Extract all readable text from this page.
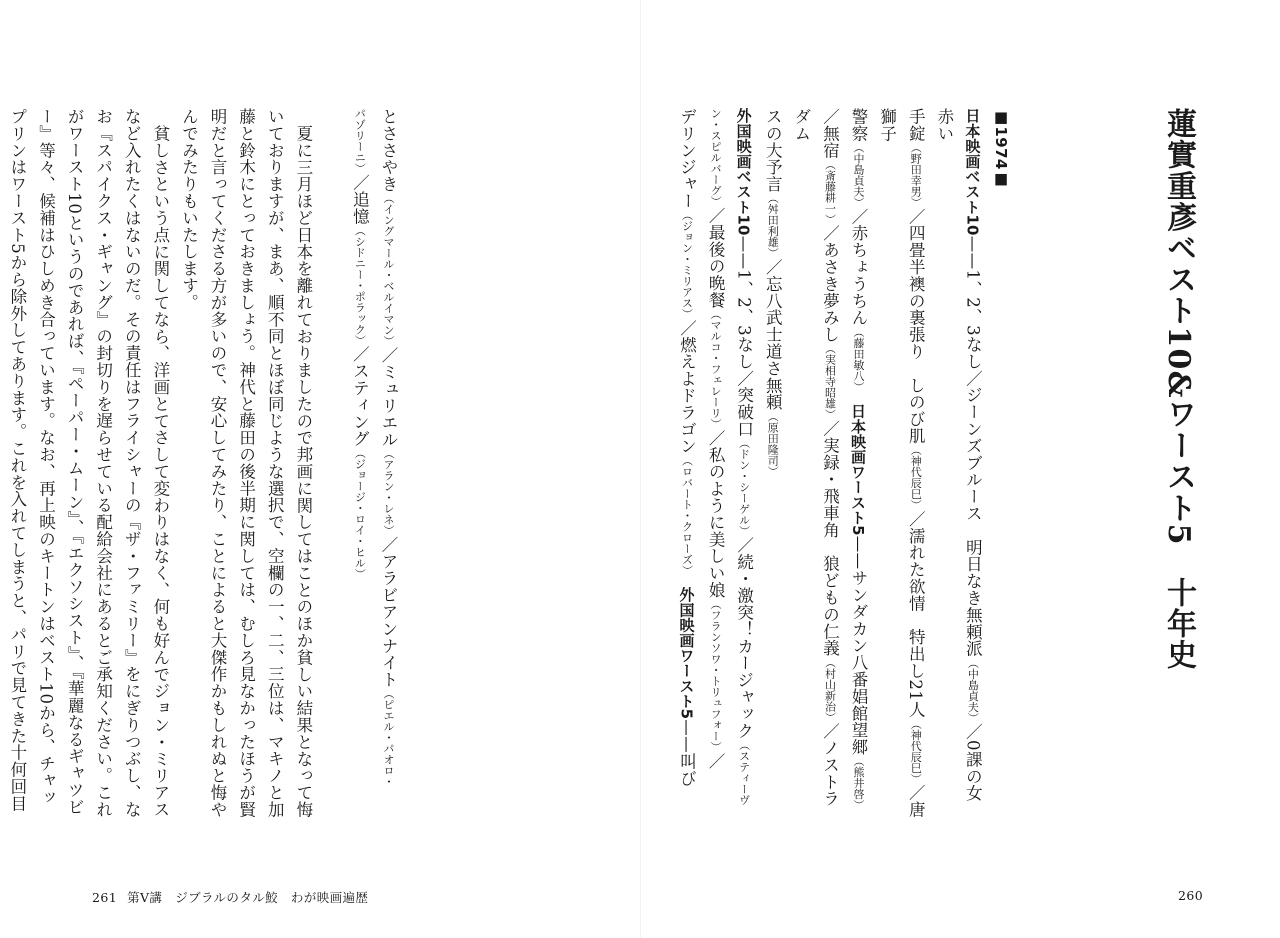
蓮實重彥ベスト10&ワースト5　十年史

■1974■

日本映画ベスト10——1、2、3なし／ジーンズブルース　明日なき無頼派（中島貞夫）／0課の女　赤い

手錠（野田幸男）／四畳半襖の裏張り　しのび肌（神代辰巳）／濡れた欲情　特出し21人（神代辰巳）／唐獅子

警察（中島貞夫）／赤ちょうちん（藤田敏八）　日本映画ワースト5——サンダカン八番娼館望郷（熊井啓）

／無宿（斎藤耕一）／あさき夢みし（実相寺昭雄）／実録・飛車角　狼どもの仁義（村山新治）／ノストラダム

スの大予言（舛田利雄）／忘八武士道さ無頼（原田隆司）

外国映画ベスト10——1、2、3なし／突破口（ドン・シーゲル）／続・激突！カージャック（スティーヴ

ン・スピルバーグ）／最後の晩餐（マルコ・フェレーリ）／私のように美しい娘（フランソワ・トリュフォー）／

デリンジャー（ジョン・ミリアス）／燃えよドラゴン（ロバート・クローズ）　外国映画ワースト5——叫び

とささやき（イングマール・ベルイマン）／ミュリエル（アラン・レネ）／アラビアンナイト（ピエル・パオロ・

パゾリーニ）／追憶（シドニー・ポラック）／スティング（ジョージ・ロイ・ヒル）

夏に三月ほど日本を離れておりましたので邦画に関してはことのほか貧しい結果となって悔いておりますが、まあ、順不同とほぼ同じような選択で、空欄の一、二、三位は、マキノと加藤と鈴木にとっておきましょう。神代と藤田の後半期に関しては、むしろ見なかったほうが賢明だと言ってくださる方が多いので、安心してみたり、ことによると大傑作かもしれぬと悔やんでみたりもいたします。

貧しさという点に関してなら、洋画とてさして変わりはなく、何も好んでジョン・ミリアスなど入れたくはないのだ。その責任はフライシャーの『ザ・ファミリー』をにぎりつぶし、なお『スパイクス・ギャング』の封切りを遅らせている配給会社にあるとご承知ください。これがワースト10というのであれば、『ペーパー・ムーン』、『エクソシスト』、『華麗なるギャツビー』等々、候補はひしめき合っています。なお、再上映のキートンはベスト10から、チャップリンはワースト5から除外してあります。これを入れてしまうと、パリで見てきた十何回目

261 第Ⅴ講　ジブラルのタル鮫　わが映画遍歴	260
